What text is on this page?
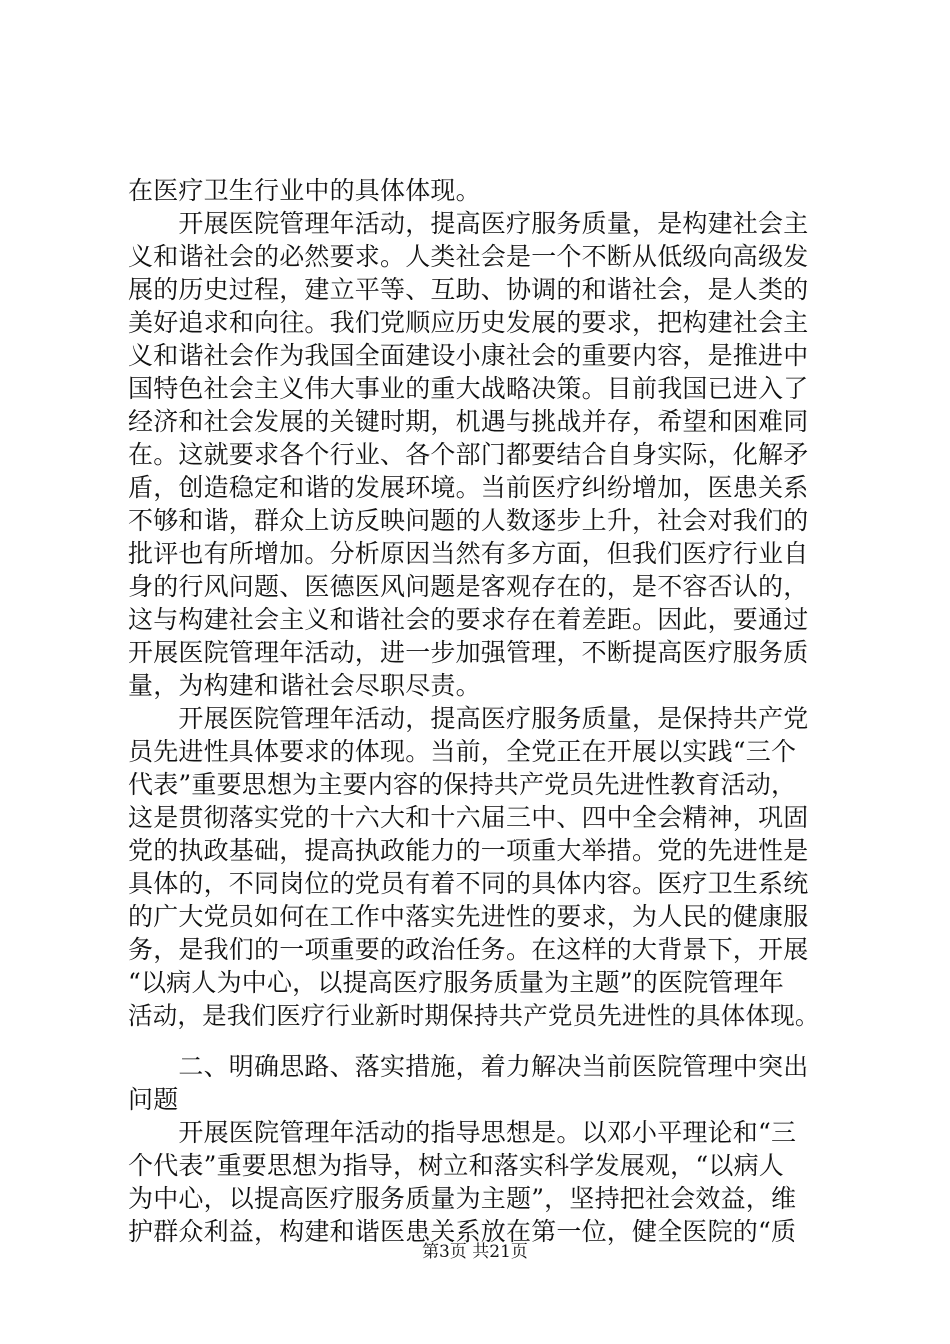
在医疗卫生行业中的具体体现。
　　开展医院管理年活动，提高医疗服务质量，是构建社会主
义和谐社会的必然要求。人类社会是一个不断从低级向高级发
展的历史过程，建立平等、互助、协调的和谐社会，是人类的
美好追求和向往。我们党顺应历史发展的要求，把构建社会主
义和谐社会作为我国全面建设小康社会的重要内容，是推进中
国特色社会主义伟大事业的重大战略决策。目前我国已进入了
经济和社会发展的关键时期，机遇与挑战并存，希望和困难同
在。这就要求各个行业、各个部门都要结合自身实际，化解矛
盾，创造稳定和谐的发展环境。当前医疗纠纷增加，医患关系
不够和谐，群众上访反映问题的人数逐步上升，社会对我们的
批评也有所增加。分析原因当然有多方面，但我们医疗行业自
身的行风问题、医德医风问题是客观存在的，是不容否认的，
这与构建社会主义和谐社会的要求存在着差距。因此，要通过
开展医院管理年活动，进一步加强管理，不断提高医疗服务质
量，为构建和谐社会尽职尽责。
　　开展医院管理年活动，提高医疗服务质量，是保持共产党
员先进性具体要求的体现。当前，全党正在开展以实践“三个
代表”重要思想为主要内容的保持共产党员先进性教育活动，
这是贯彻落实党的十六大和十六届三中、四中全会精神，巩固
党的执政基础，提高执政能力的一项重大举措。党的先进性是
具体的，不同岗位的党员有着不同的具体内容。医疗卫生系统
的广大党员如何在工作中落实先进性的要求，为人民的健康服
务，是我们的一项重要的政治任务。在这样的大背景下，开展
“以病人为中心，以提高医疗服务质量为主题”的医院管理年
活动，是我们医疗行业新时期保持共产党员先进性的具体体现。
　　二、明确思路、落实措施，着力解决当前医院管理中突出
问题
　　开展医院管理年活动的指导思想是。以邓小平理论和“三
个代表”重要思想为指导，树立和落实科学发展观，“以病人
为中心，以提高医疗服务质量为主题”，坚持把社会效益，维
护群众利益，构建和谐医患关系放在第一位，健全医院的“质
第3页 共21页
